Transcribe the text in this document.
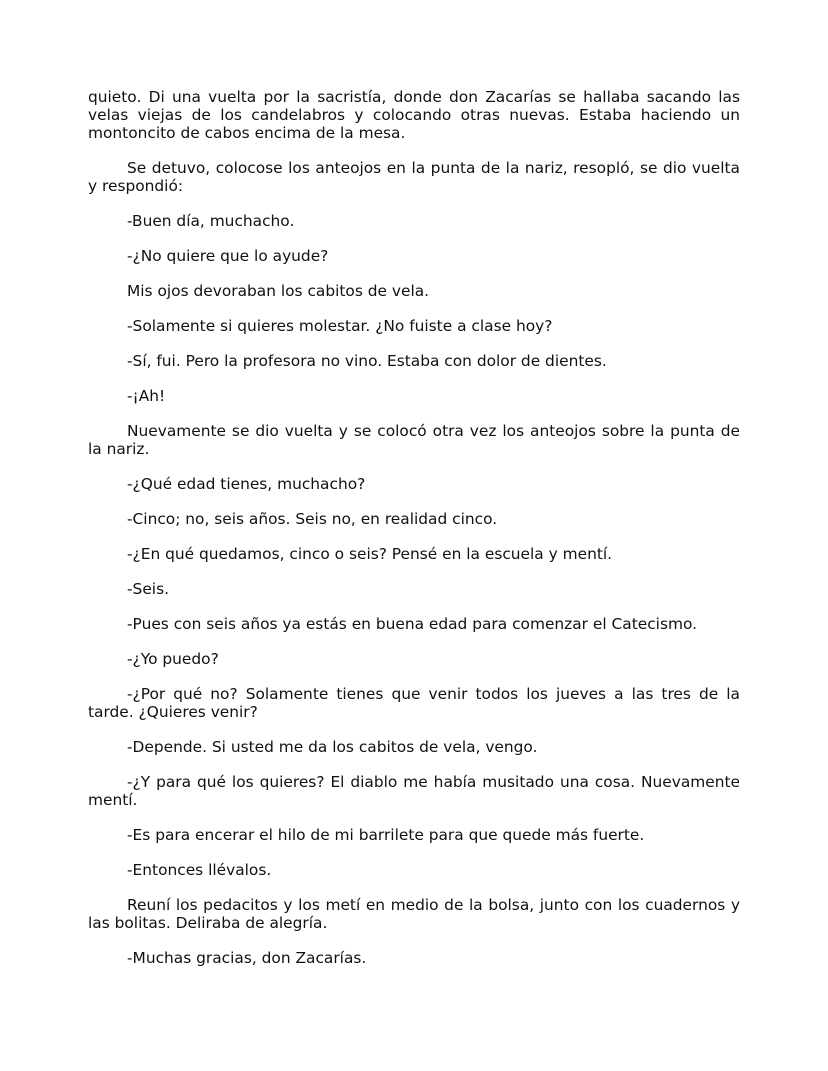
quieto. Di una vuelta por la sacristía, donde don Zacarías se hallaba sacando las velas viejas de los candelabros y colocando otras nuevas. Estaba haciendo un montoncito de cabos encima de la mesa.

Se detuvo, colocose los anteojos en la punta de la nariz, resopló, se dio vuelta y respondió:

-Buen día, muchacho.

-¿No quiere que lo ayude?

Mis ojos devoraban los cabitos de vela.

-Solamente si quieres molestar. ¿No fuiste a clase hoy?

-Sí, fui. Pero la profesora no vino. Estaba con dolor de dientes.

-¡Ah!

Nuevamente se dio vuelta y se colocó otra vez los anteojos sobre la punta de la nariz.

-¿Qué edad tienes, muchacho?

-Cinco; no, seis años. Seis no, en realidad cinco.

-¿En qué quedamos, cinco o seis? Pensé en la escuela y mentí.

-Seis.

-Pues con seis años ya estás en buena edad para comenzar el Catecismo.

-¿Yo puedo?

-¿Por qué no? Solamente tienes que venir todos los jueves a las tres de la tarde. ¿Quieres venir?

-Depende. Si usted me da los cabitos de vela, vengo.

-¿Y para qué los quieres? El diablo me había musitado una cosa. Nuevamente mentí.

-Es para encerar el hilo de mi barrilete para que quede más fuerte.

-Entonces llévalos.

Reuní los pedacitos y los metí en medio de la bolsa, junto con los cuadernos y las bolitas. Deliraba de alegría.

-Muchas gracias, don Zacarías.
